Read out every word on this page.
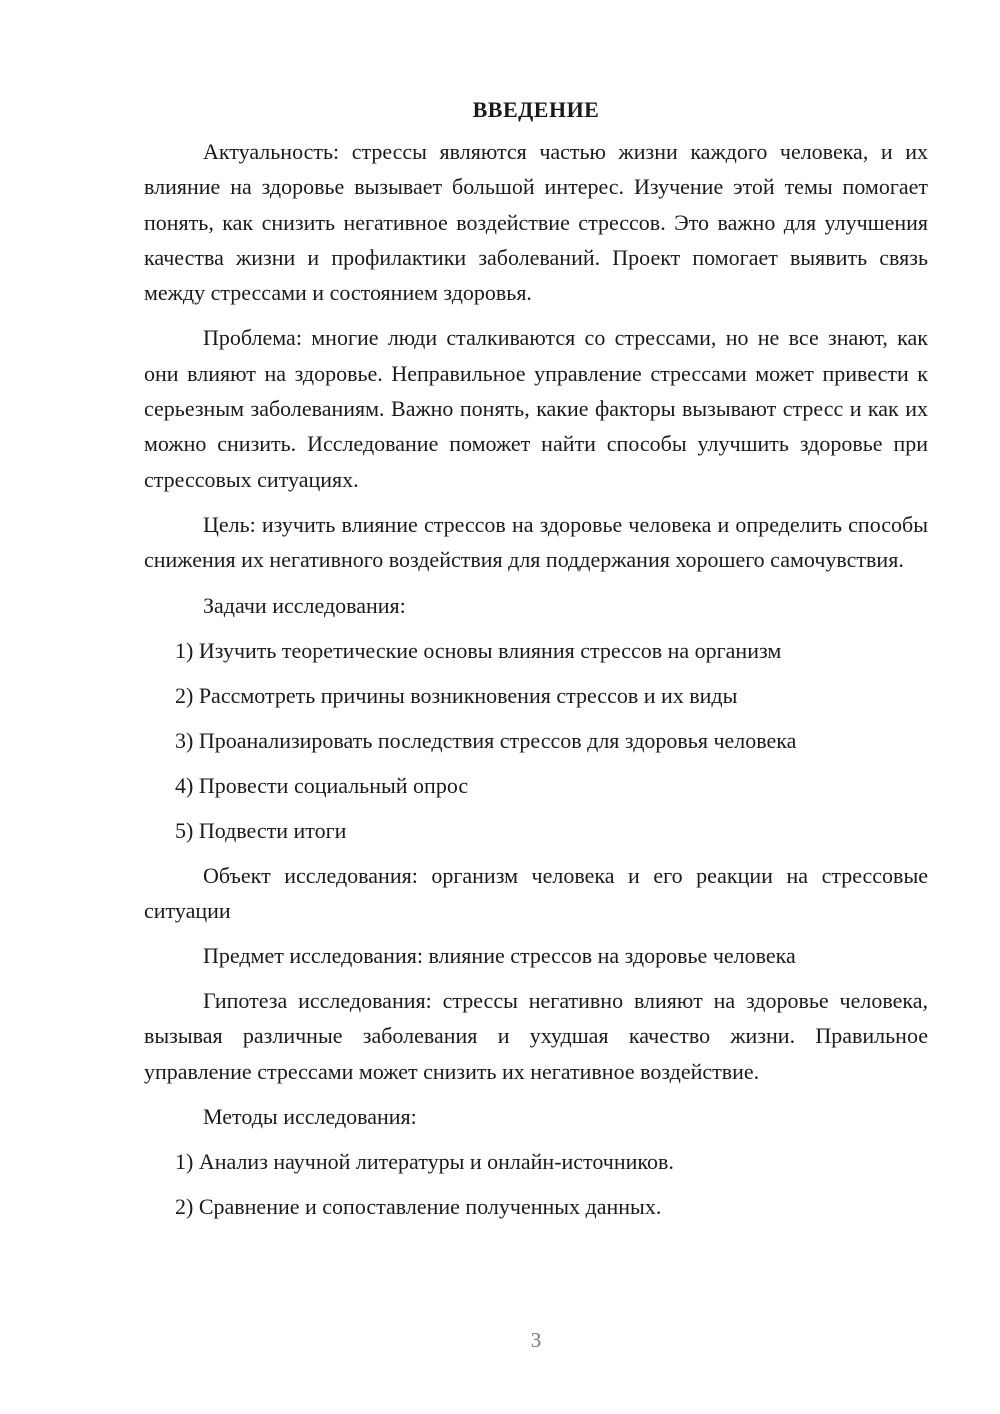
ВВЕДЕНИЕ

Актуальность: стрессы являются частью жизни каждого человека, и их влияние на здоровье вызывает большой интерес. Изучение этой темы помогает понять, как снизить негативное воздействие стрессов. Это важно для улучшения качества жизни и профилактики заболеваний. Проект помогает выявить связь между стрессами и состоянием здоровья.

Проблема: многие люди сталкиваются со стрессами, но не все знают, как они влияют на здоровье. Неправильное управление стрессами может привести к серьезным заболеваниям. Важно понять, какие факторы вызывают стресс и как их можно снизить. Исследование поможет найти способы улучшить здоровье при стрессовых ситуациях.

Цель: изучить влияние стрессов на здоровье человека и определить способы снижения их негативного воздействия для поддержания хорошего самочувствия.

Задачи исследования:
1) Изучить теоретические основы влияния стрессов на организм
2) Рассмотреть причины возникновения стрессов и их виды
3) Проанализировать последствия стрессов для здоровья человека
4) Провести социальный опрос
5) Подвести итоги

Объект исследования: организм человека и его реакции на стрессовые ситуации

Предмет исследования: влияние стрессов на здоровье человека

Гипотеза исследования: стрессы негативно влияют на здоровье человека, вызывая различные заболевания и ухудшая качество жизни. Правильное управление стрессами может снизить их негативное воздействие.

Методы исследования:
1) Анализ научной литературы и онлайн-источников.
2) Сравнение и сопоставление полученных данных.
3
